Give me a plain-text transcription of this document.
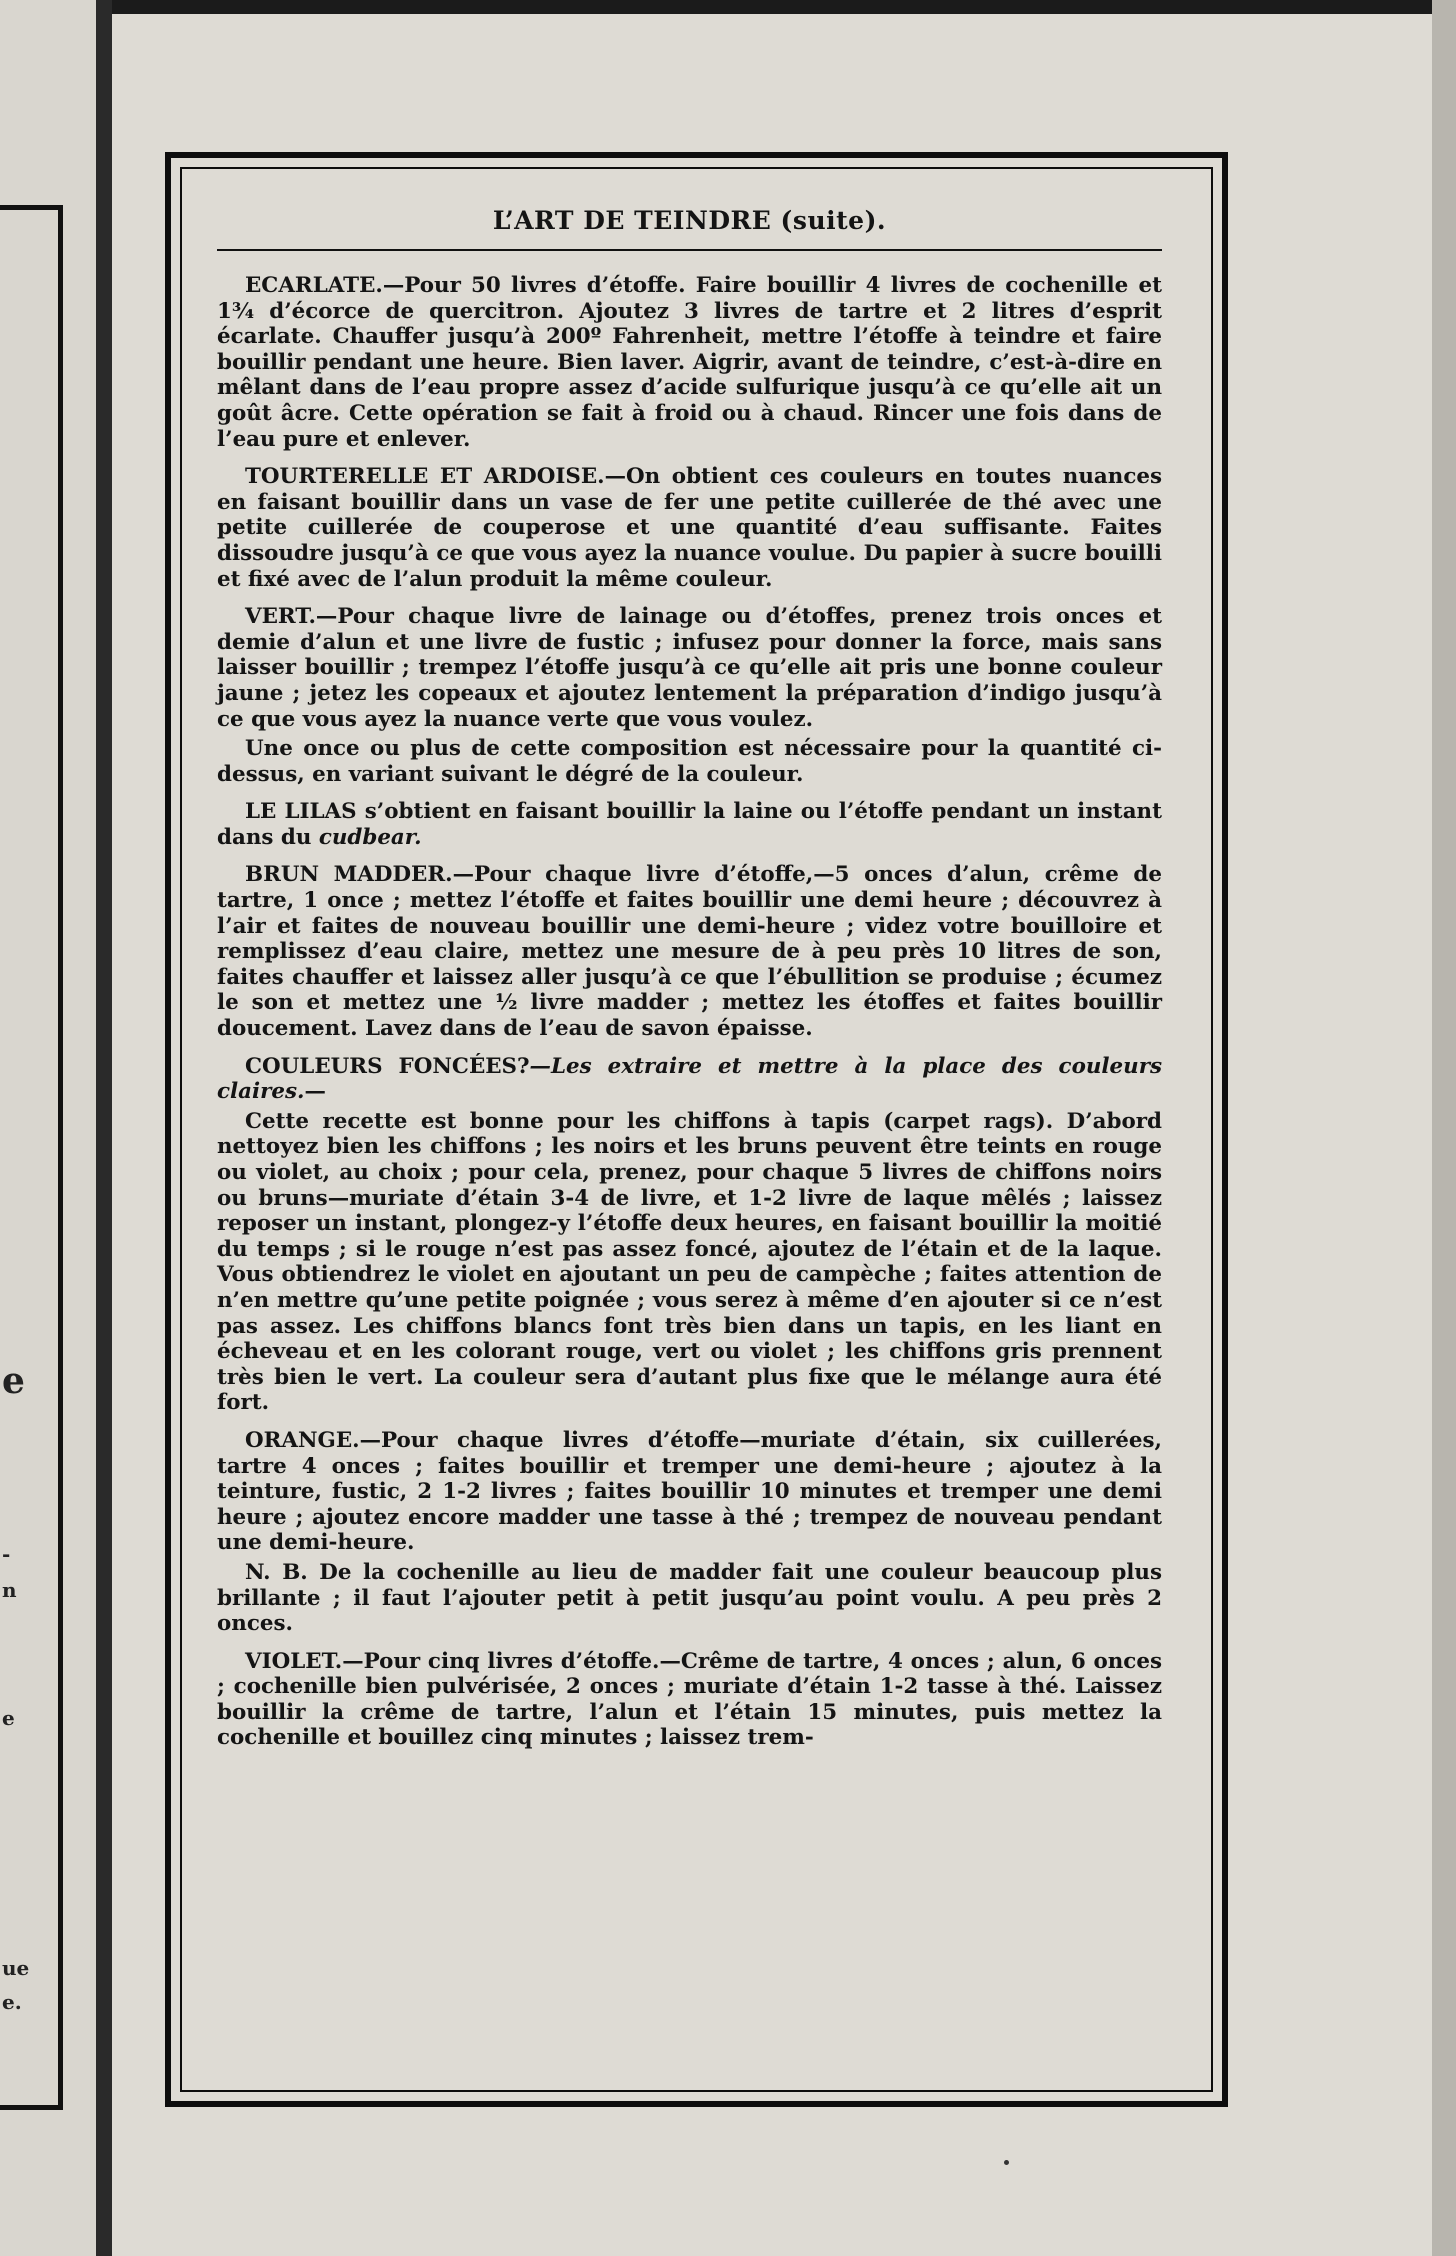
e
-
n
e
ue
e.
L’ART DE TEINDRE (suite).

ECARLATE.—Pour 50 livres d’étoffe. Faire bouillir 4 livres de cochenille et 1¾ d’écorce de quercitron. Ajoutez 3 livres de tartre et 2 litres d’esprit écarlate. Chauffer jusqu’à 200º Fahrenheit, mettre l’étoffe à teindre et faire bouillir pendant une heure. Bien laver. Aigrir, avant de teindre, c’est-à-dire en mêlant dans de l’eau propre assez d’acide sulfurique jusqu’à ce qu’elle ait un goût âcre. Cette opération se fait à froid ou à chaud. Rincer une fois dans de l’eau pure et enlever.

TOURTERELLE ET ARDOISE.—On obtient ces couleurs en toutes nuances en faisant bouillir dans un vase de fer une petite cuillerée de thé avec une petite cuillerée de couperose et une quantité d’eau suffisante. Faites dissoudre jusqu’à ce que vous ayez la nuance voulue. Du papier à sucre bouilli et fixé avec de l’alun produit la même couleur.

VERT.—Pour chaque livre de lainage ou d’étoffes, prenez trois onces et demie d’alun et une livre de fustic ; infusez pour donner la force, mais sans laisser bouillir ; trempez l’étoffe jusqu’à ce qu’elle ait pris une bonne couleur jaune ; jetez les copeaux et ajoutez lentement la préparation d’indigo jusqu’à ce que vous ayez la nuance verte que vous voulez.

Une once ou plus de cette composition est nécessaire pour la quantité ci-dessus, en variant suivant le dégré de la couleur.

LE LILAS s’obtient en faisant bouillir la laine ou l’étoffe pendant un instant dans du cudbear.

BRUN MADDER.—Pour chaque livre d’étoffe,—5 onces d’alun, crême de tartre, 1 once ; mettez l’étoffe et faites bouillir une demi heure ; découvrez à l’air et faites de nouveau bouillir une demi-heure ; videz votre bouilloire et remplissez d’eau claire, mettez une mesure de à peu près 10 litres de son, faites chauffer et laissez aller jusqu’à ce que l’ébullition se produise ; écumez le son et mettez une ½ livre madder ; mettez les étoffes et faites bouillir doucement. Lavez dans de l’eau de savon épaisse.

COULEURS FONCÉES?—Les extraire et mettre à la place des couleurs claires.—

Cette recette est bonne pour les chiffons à tapis (carpet rags). D’abord nettoyez bien les chiffons ; les noirs et les bruns peuvent être teints en rouge ou violet, au choix ; pour cela, prenez, pour chaque 5 livres de chiffons noirs ou bruns—muriate d’étain 3-4 de livre, et 1-2 livre de laque mêlés ; laissez reposer un instant, plongez-y l’étoffe deux heures, en faisant bouillir la moitié du temps ; si le rouge n’est pas assez foncé, ajoutez de l’étain et de la laque. Vous obtiendrez le violet en ajoutant un peu de campèche ; faites attention de n’en mettre qu’une petite poignée ; vous serez à même d’en ajouter si ce n’est pas assez. Les chiffons blancs font très bien dans un tapis, en les liant en écheveau et en les colorant rouge, vert ou violet ; les chiffons gris prennent très bien le vert. La couleur sera d’autant plus fixe que le mélange aura été fort.

ORANGE.—Pour chaque livres d’étoffe—muriate d’étain, six cuillerées, tartre 4 onces ; faites bouillir et tremper une demi-heure ; ajoutez à la teinture, fustic, 2 1-2 livres ; faites bouillir 10 minutes et tremper une demi heure ; ajoutez encore madder une tasse à thé ; trempez de nouveau pendant une demi-heure.

N. B. De la cochenille au lieu de madder fait une couleur beaucoup plus brillante ; il faut l’ajouter petit à petit jusqu’au point voulu. A peu près 2 onces.

VIOLET.—Pour cinq livres d’étoffe.—Crême de tartre, 4 onces ; alun, 6 onces ; cochenille bien pulvérisée, 2 onces ; muriate d’étain 1-2 tasse à thé. Laissez bouillir la crême de tartre, l’alun et l’étain 15 minutes, puis mettez la cochenille et bouillez cinq minutes ; laissez trem-
